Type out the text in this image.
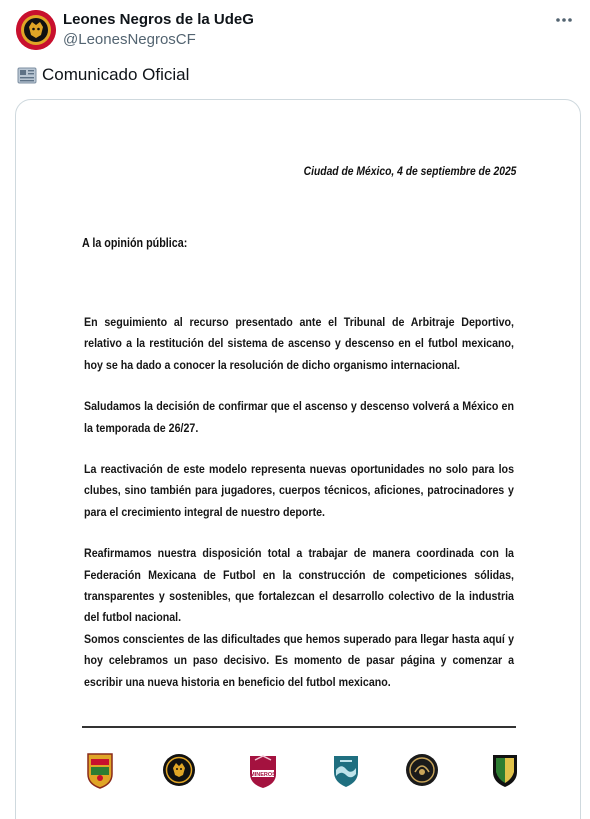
Leones Negros de la UdeG
@LeonesNegrosCF
Comunicado Oficial
Ciudad de México, 4 de septiembre de 2025
A la opinión pública:

En seguimiento al recurso presentado ante el Tribunal de Arbitraje Deportivo, relativo a la restitución del sistema de ascenso y descenso en el futbol mexicano, hoy se ha dado a conocer la resolución de dicho organismo internacional.

Saludamos la decisión de confirmar que el ascenso y descenso volverá a México en la temporada de 26/27.

La reactivación de este modelo representa nuevas oportunidades no solo para los clubes, sino también para jugadores, cuerpos técnicos, aficiones, patrocinadores y para el crecimiento integral de nuestro deporte.

Reafirmamos nuestra disposición total a trabajar de manera coordinada con la Federación Mexicana de Futbol en la construcción de competiciones sólidas, transparentes y sostenibles, que fortalezcan el desarrollo colectivo de la industria del futbol nacional.

Somos conscientes de las dificultades que hemos superado para llegar hasta aquí y hoy celebramos un paso decisivo. Es momento de pasar página y comenzar a escribir una nueva historia en beneficio del futbol mexicano.

MINEROS
